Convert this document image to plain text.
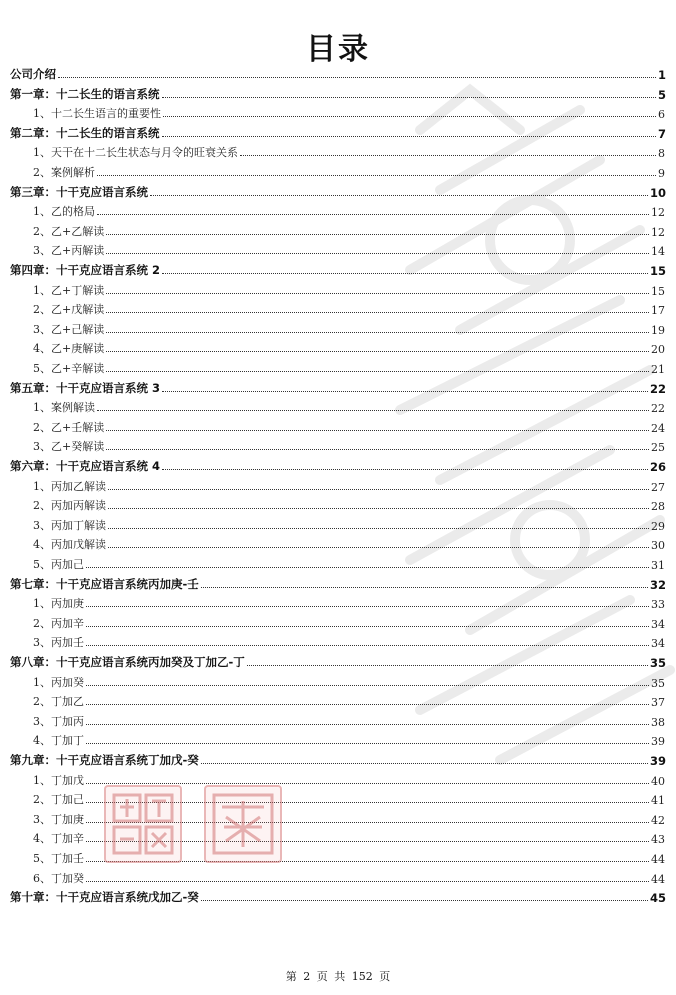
目录
公司介绍	1
第一章：十二长生的语言系统	5
1、十二长生语言的重要性	6
第二章：十二长生的语言系统	7
1、天干在十二长生状态与月令的旺衰关系	8
2、案例解析	9
第三章：十干克应语言系统	10
1、乙的格局	12
2、乙+乙解读	12
3、乙+丙解读	14
第四章：十干克应语言系统 2	15
1、乙+丁解读	15
2、乙+戊解读	17
3、乙+己解读	19
4、乙+庚解读	20
5、乙+辛解读	21
第五章：十干克应语言系统 3	22
1、案例解读	22
2、乙+壬解读	24
3、乙+癸解读	25
第六章：十干克应语言系统 4	26
1、丙加乙解读	27
2、丙加丙解读	28
3、丙加丁解读	29
4、丙加戊解读	30
5、丙加己	31
第七章：十干克应语言系统丙加庚-壬	32
1、丙加庚	33
2、丙加辛	34
3、丙加壬	34
第八章：十干克应语言系统丙加癸及丁加乙-丁	35
1、丙加癸	35
2、丁加乙	37
3、丁加丙	38
4、丁加丁	39
第九章：十干克应语言系统丁加戊-癸	39
1、丁加戊	40
2、丁加己	41
3、丁加庚	42
4、丁加辛	43
5、丁加壬	44
6、丁加癸	44
第十章：十干克应语言系统戊加乙-癸	45
第 2 页 共 152 页
